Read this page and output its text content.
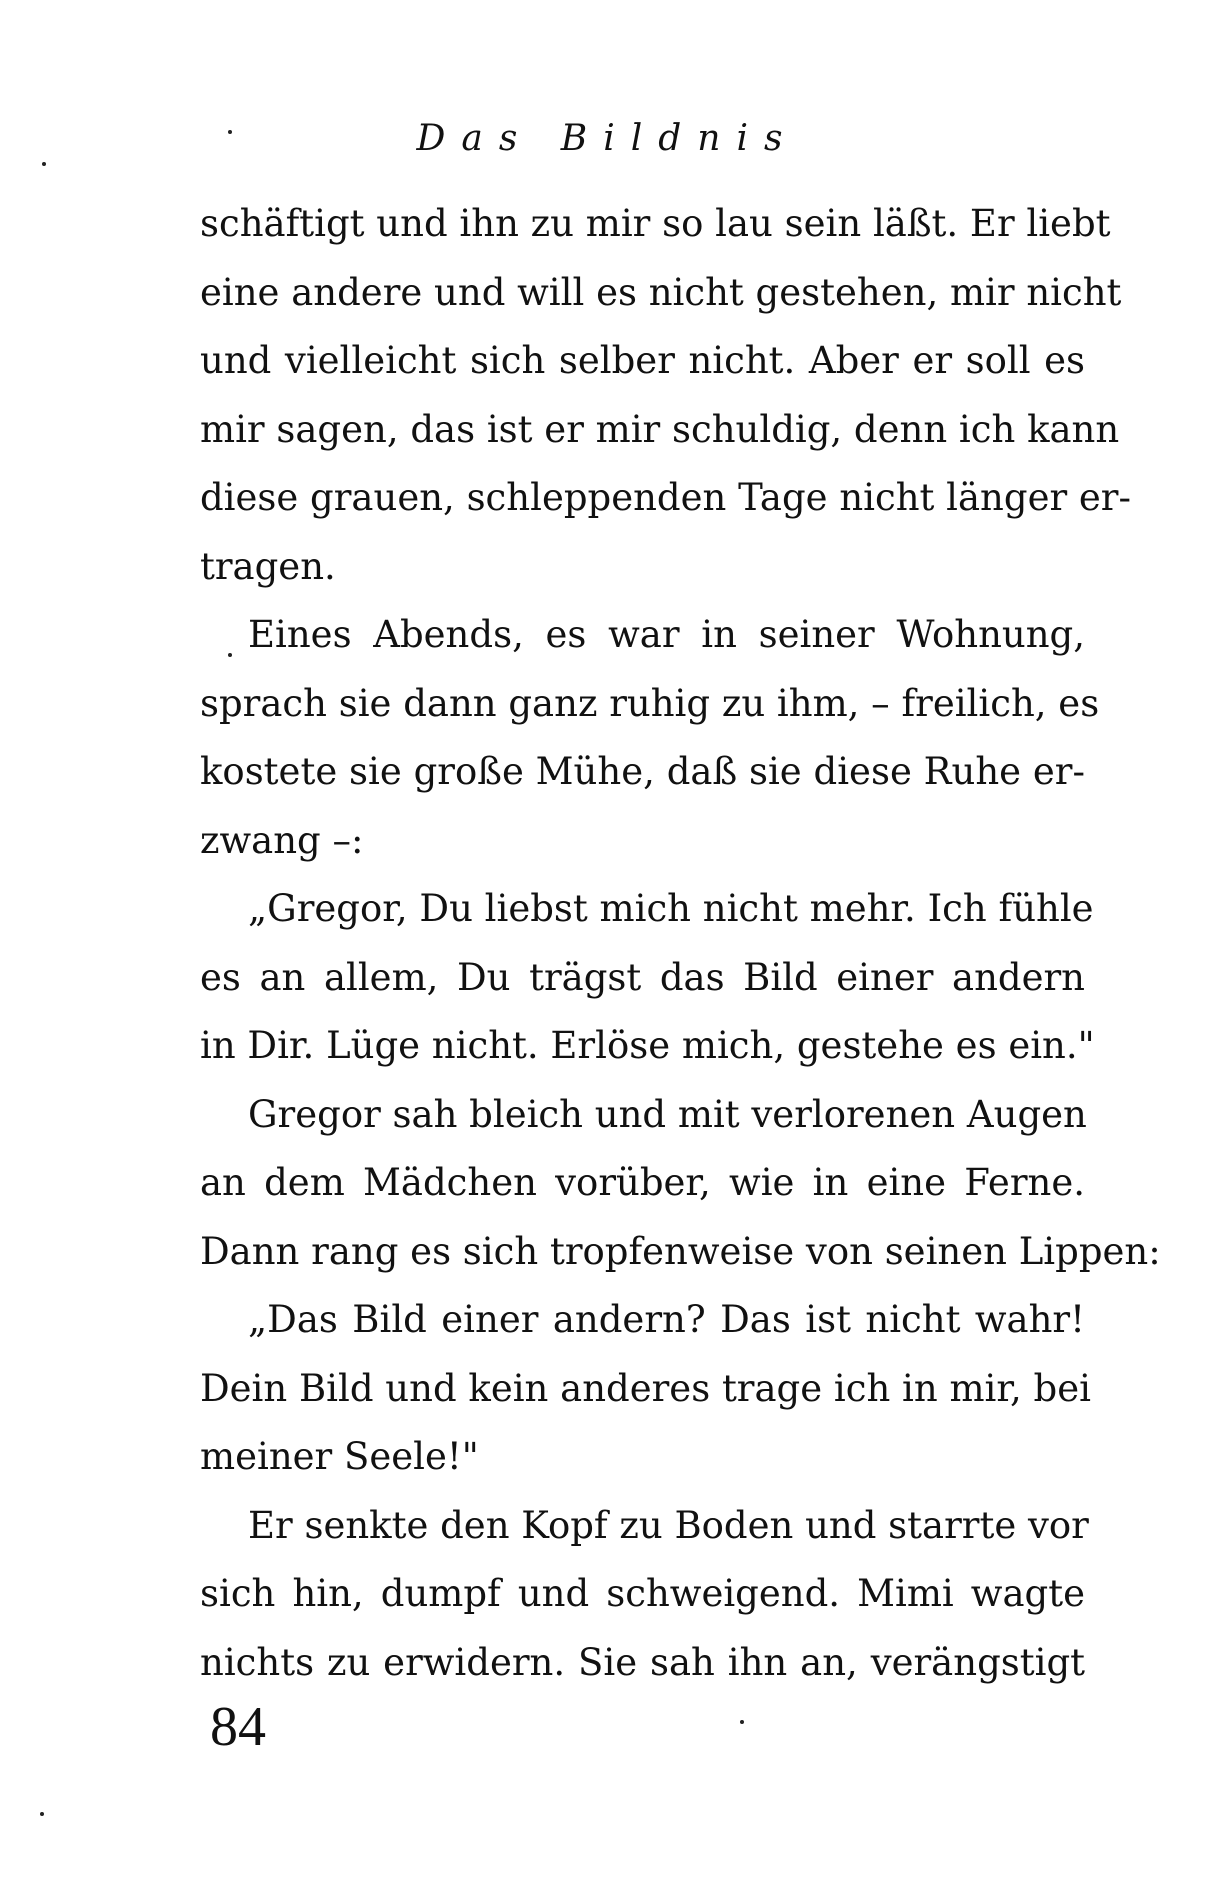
Das Bildnis
schäftigt und ihn zu mir so lau sein läßt. Er liebt
eine andere und will es nicht gestehen, mir nicht
und vielleicht sich selber nicht. Aber er soll es
mir sagen, das ist er mir schuldig, denn ich kann
diese grauen, schleppenden Tage nicht länger er-
tragen.
Eines Abends, es war in seiner Wohnung,
sprach sie dann ganz ruhig zu ihm, – freilich, es
kostete sie große Mühe, daß sie diese Ruhe er-
zwang –:
„Gregor, Du liebst mich nicht mehr. Ich fühle
es an allem, Du trägst das Bild einer andern
in Dir. Lüge nicht. Erlöse mich, gestehe es ein."
Gregor sah bleich und mit verlorenen Augen
an dem Mädchen vorüber, wie in eine Ferne.
Dann rang es sich tropfenweise von seinen Lippen:
„Das Bild einer andern? Das ist nicht wahr!
Dein Bild und kein anderes trage ich in mir, bei
meiner Seele!"
Er senkte den Kopf zu Boden und starrte vor
sich hin, dumpf und schweigend. Mimi wagte
nichts zu erwidern. Sie sah ihn an, verängstigt
84
